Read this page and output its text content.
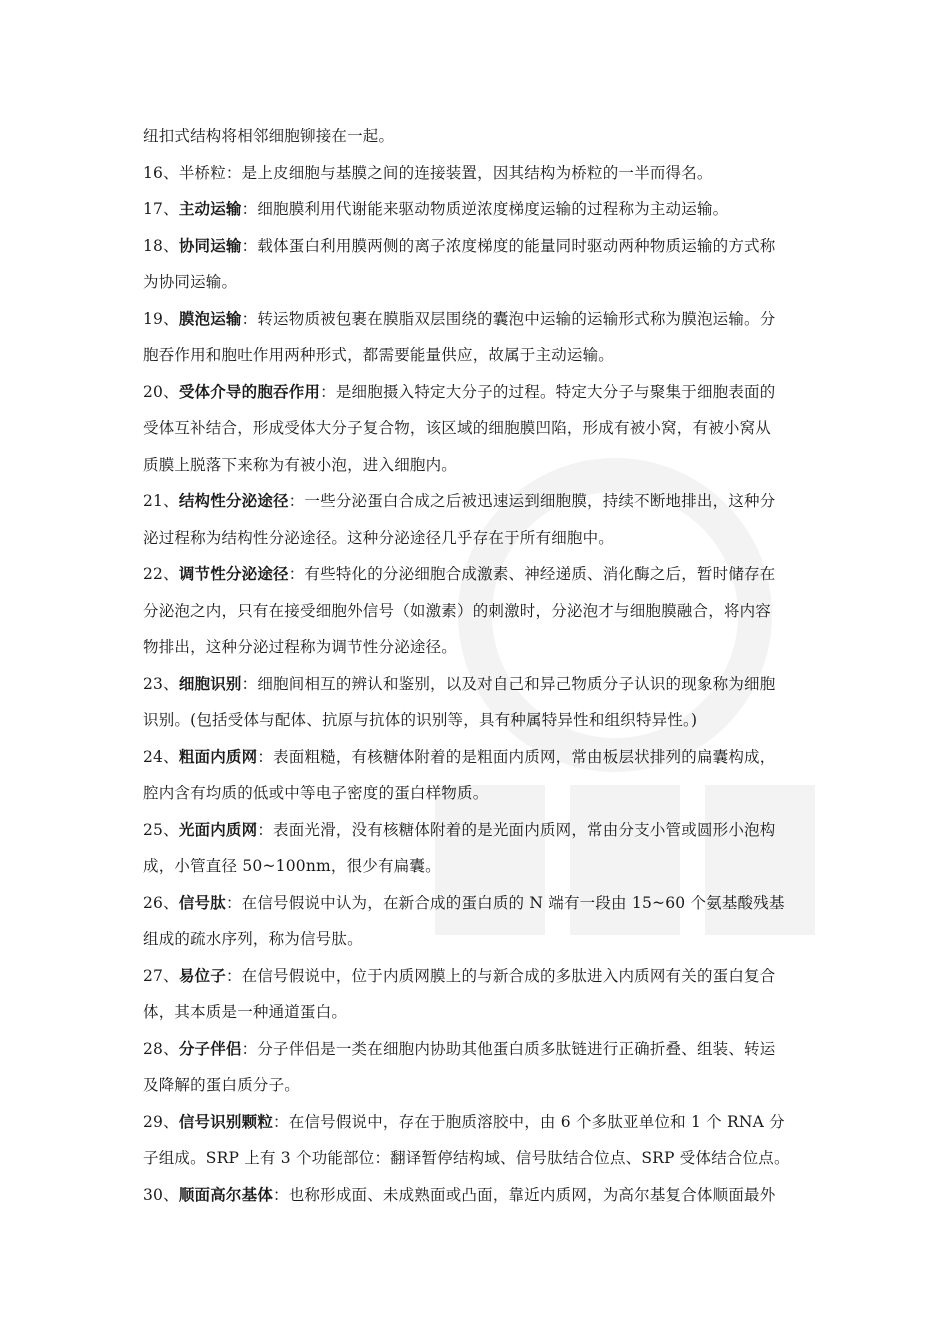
纽扣式结构将相邻细胞铆接在一起。
16、半桥粒：是上皮细胞与基膜之间的连接装置，因其结构为桥粒的一半而得名。
17、主动运输：细胞膜利用代谢能来驱动物质逆浓度梯度运输的过程称为主动运输。
18、协同运输：载体蛋白利用膜两侧的离子浓度梯度的能量同时驱动两种物质运输的方式称
为协同运输。
19、膜泡运输：转运物质被包裹在膜脂双层围绕的囊泡中运输的运输形式称为膜泡运输。分
胞吞作用和胞吐作用两种形式，都需要能量供应，故属于主动运输。
20、受体介导的胞吞作用：是细胞摄入特定大分子的过程。特定大分子与聚集于细胞表面的
受体互补结合，形成受体大分子复合物，该区域的细胞膜凹陷，形成有被小窝，有被小窝从
质膜上脱落下来称为有被小泡，进入细胞内。
21、结构性分泌途径：一些分泌蛋白合成之后被迅速运到细胞膜，持续不断地排出，这种分
泌过程称为结构性分泌途径。这种分泌途径几乎存在于所有细胞中。
22、调节性分泌途径：有些特化的分泌细胞合成激素、神经递质、消化酶之后，暂时储存在
分泌泡之内，只有在接受细胞外信号（如激素）的刺激时，分泌泡才与细胞膜融合，将内容
物排出，这种分泌过程称为调节性分泌途径。
23、细胞识别：细胞间相互的辨认和鉴别，以及对自己和异己物质分子认识的现象称为细胞
识别。(包括受体与配体、抗原与抗体的识别等，具有种属特异性和组织特异性。)
24、粗面内质网：表面粗糙，有核糖体附着的是粗面内质网，常由板层状排列的扁囊构成，
腔内含有均质的低或中等电子密度的蛋白样物质。
25、光面内质网：表面光滑，没有核糖体附着的是光面内质网，常由分支小管或圆形小泡构
成，小管直径 50~100nm，很少有扁囊。
26、信号肽：在信号假说中认为，在新合成的蛋白质的 N 端有一段由 15~60 个氨基酸残基
组成的疏水序列，称为信号肽。
27、易位子：在信号假说中，位于内质网膜上的与新合成的多肽进入内质网有关的蛋白复合
体，其本质是一种通道蛋白。
28、分子伴侣：分子伴侣是一类在细胞内协助其他蛋白质多肽链进行正确折叠、组装、转运
及降解的蛋白质分子。
29、信号识别颗粒：在信号假说中，存在于胞质溶胶中，由 6 个多肽亚单位和 1 个 RNA 分
子组成。SRP 上有 3 个功能部位：翻译暂停结构域、信号肽结合位点、SRP 受体结合位点。
30、顺面高尔基体：也称形成面、未成熟面或凸面，靠近内质网，为高尔基复合体顺面最外
